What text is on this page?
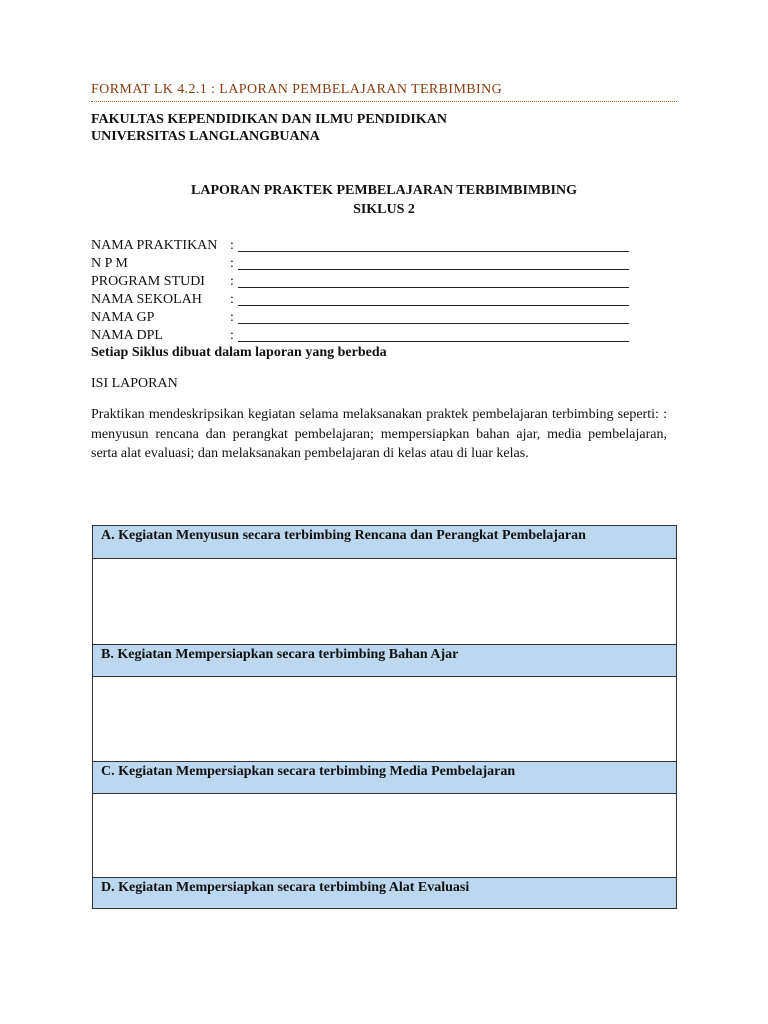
FORMAT LK 4.2.1 : LAPORAN PEMBELAJARAN TERBIMBING
FAKULTAS KEPENDIDIKAN DAN ILMU PENDIDIKAN
UNIVERSITAS LANGLANGBUANA
LAPORAN PRAKTEK PEMBELAJARAN TERBIMBIMBING
SIKLUS 2
NAMA PRAKTIKAN :
N P M	:
PROGRAM STUDI :
NAMA SEKOLAH :
NAMA GP	:
NAMA DPL	:
Setiap Siklus dibuat dalam laporan yang berbeda
ISI LAPORAN
Praktikan mendeskripsikan kegiatan selama melaksanakan praktek pembelajaran terbimbing seperti: : menyusun rencana dan perangkat pembelajaran; mempersiapkan bahan ajar, media pembelajaran, serta alat evaluasi; dan melaksanakan pembelajaran di kelas atau di luar kelas.
A. Kegiatan Menyusun secara terbimbing Rencana dan Perangkat Pembelajaran
B. Kegiatan Mempersiapkan secara terbimbing Bahan Ajar
C. Kegiatan Mempersiapkan secara terbimbing Media Pembelajaran
D. Kegiatan Mempersiapkan secara terbimbing Alat Evaluasi
